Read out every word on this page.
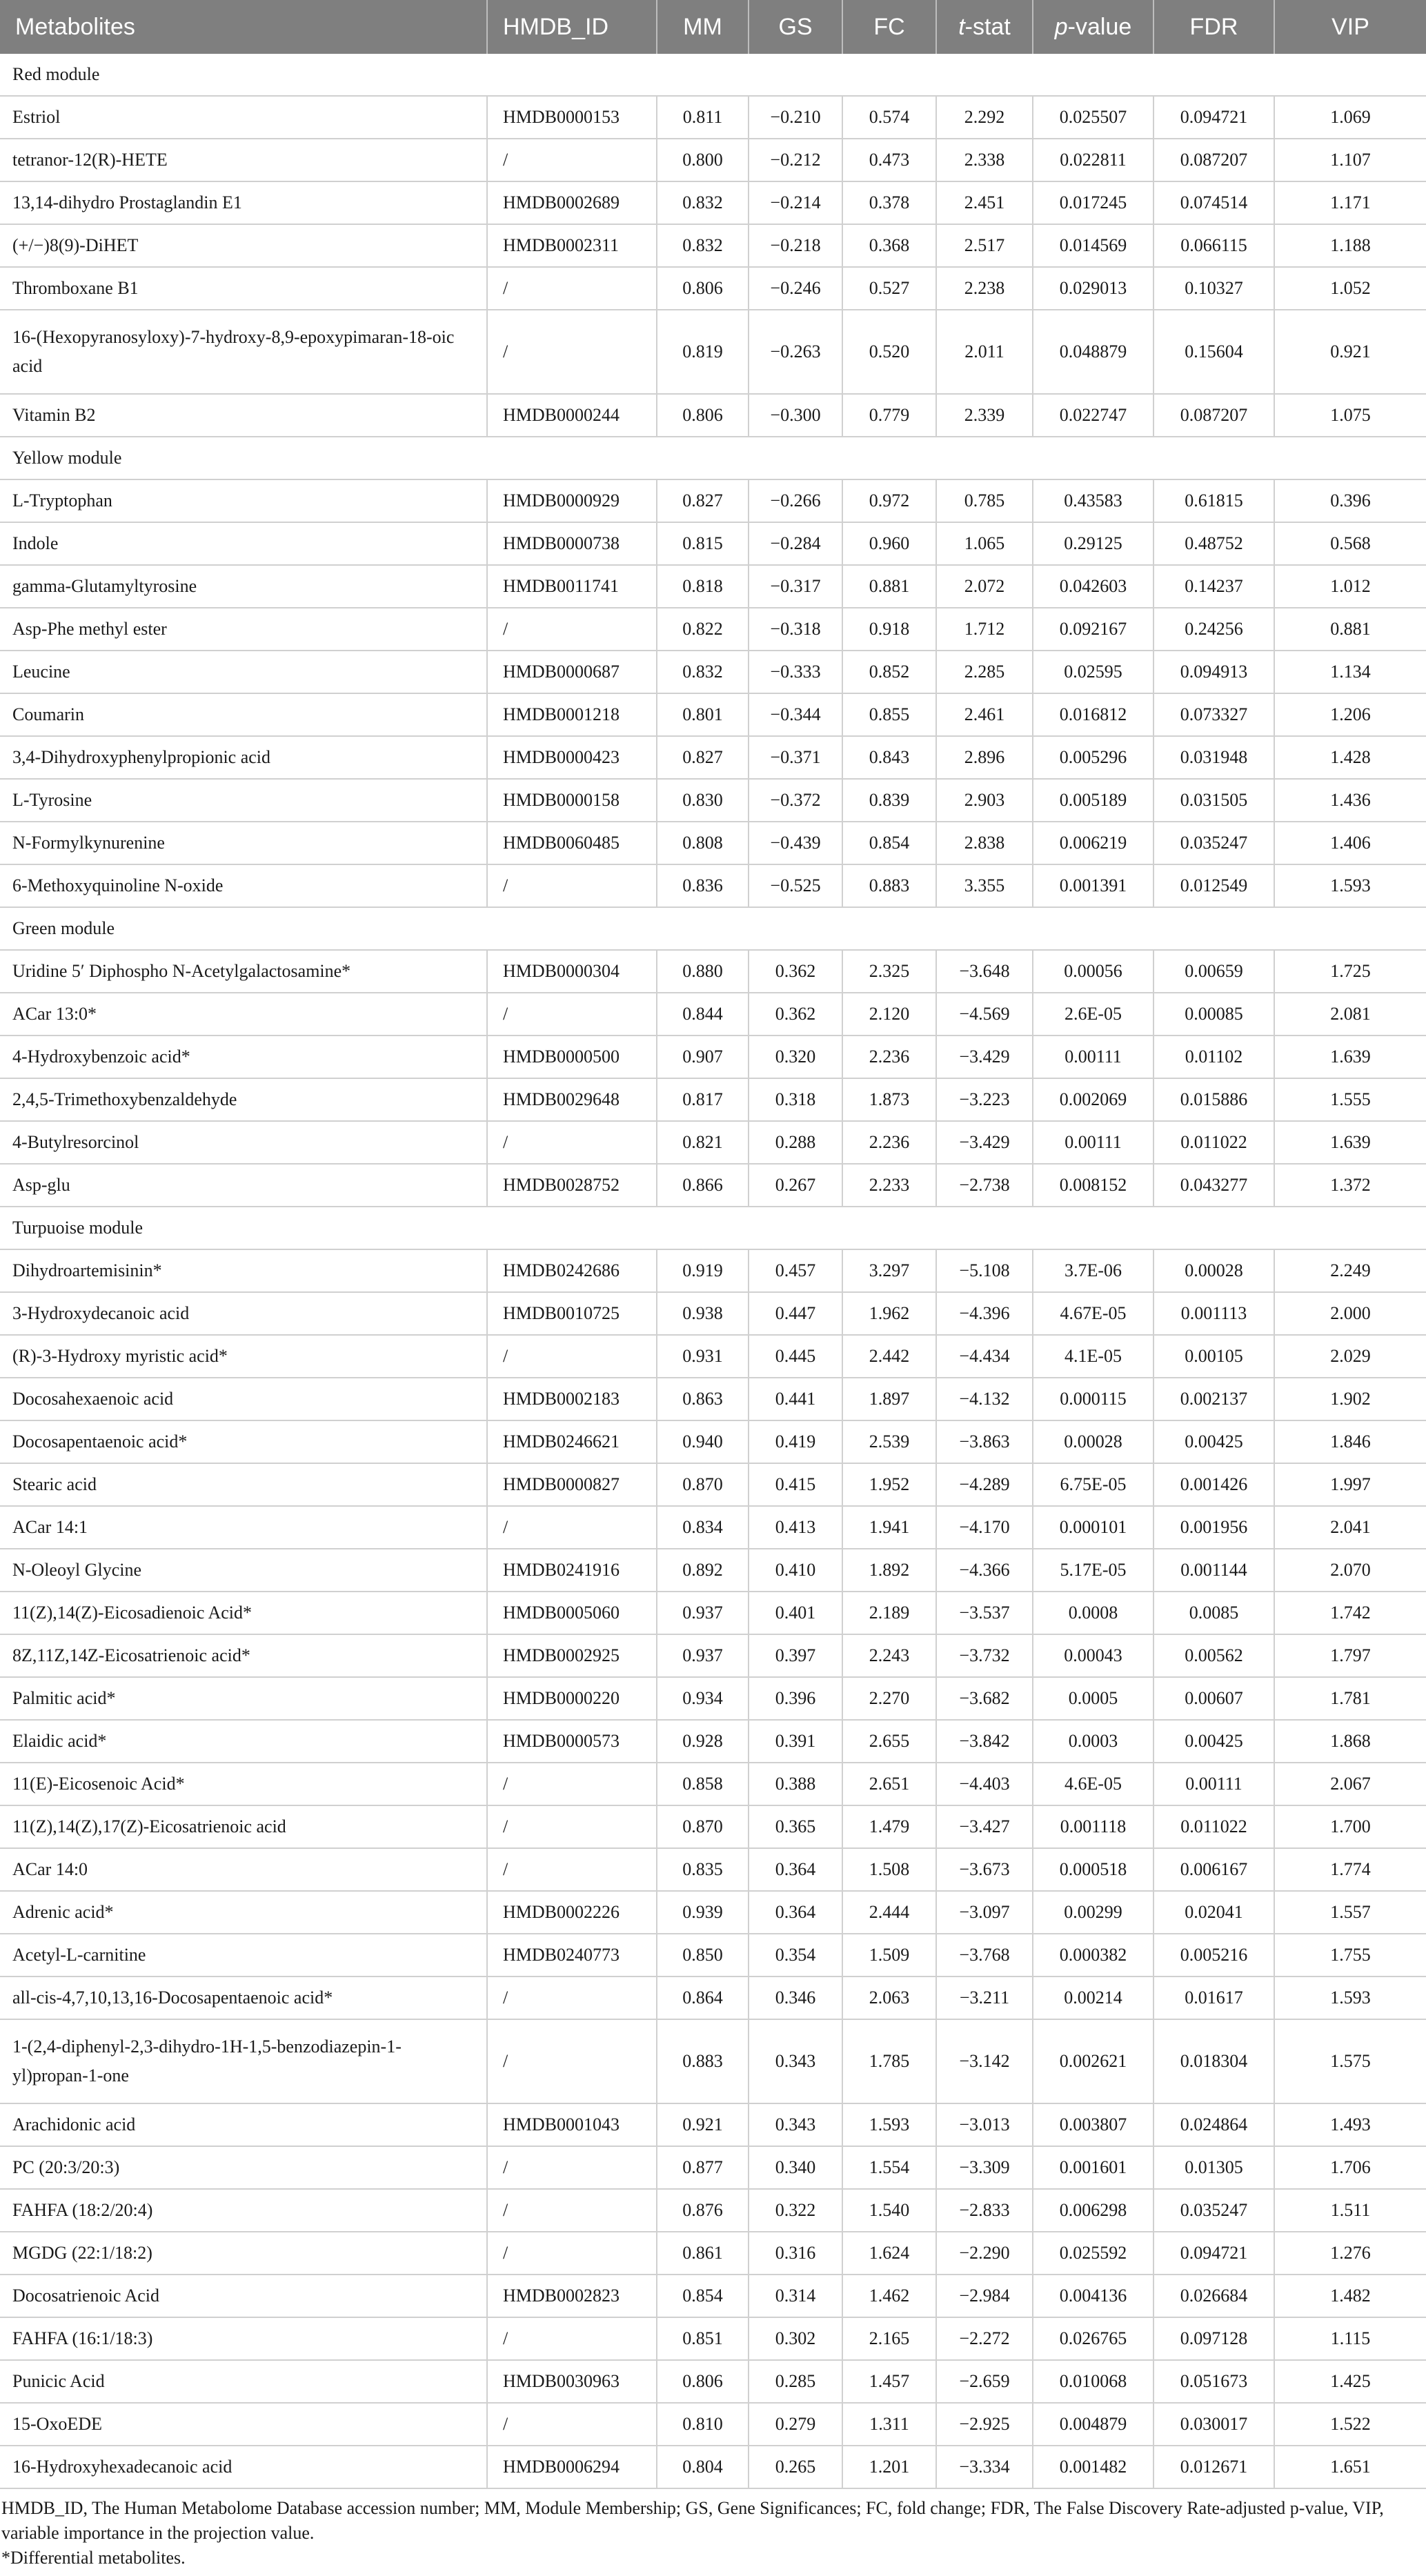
Metabolites	HMDB_ID	MM	GS	FC	t-stat	p-value	FDR	VIP
Red module								
Estriol	HMDB0000153	0.811	−0.210	0.574	2.292	0.025507	0.094721	1.069
tetranor-12(R)-HETE	/	0.800	−0.212	0.473	2.338	0.022811	0.087207	1.107
13,14-dihydro Prostaglandin E1	HMDB0002689	0.832	−0.214	0.378	2.451	0.017245	0.074514	1.171
(+/−)8(9)-DiHET	HMDB0002311	0.832	−0.218	0.368	2.517	0.014569	0.066115	1.188
Thromboxane B1	/	0.806	−0.246	0.527	2.238	0.029013	0.10327	1.052
16-(Hexopyranosyloxy)-7-hydroxy-8,9-epoxypimaran-18-oic acid	/	0.819	−0.263	0.520	2.011	0.048879	0.15604	0.921
Vitamin B2	HMDB0000244	0.806	−0.300	0.779	2.339	0.022747	0.087207	1.075
Yellow module								
L-Tryptophan	HMDB0000929	0.827	−0.266	0.972	0.785	0.43583	0.61815	0.396
Indole	HMDB0000738	0.815	−0.284	0.960	1.065	0.29125	0.48752	0.568
gamma-Glutamyltyrosine	HMDB0011741	0.818	−0.317	0.881	2.072	0.042603	0.14237	1.012
Asp-Phe methyl ester	/	0.822	−0.318	0.918	1.712	0.092167	0.24256	0.881
Leucine	HMDB0000687	0.832	−0.333	0.852	2.285	0.02595	0.094913	1.134
Coumarin	HMDB0001218	0.801	−0.344	0.855	2.461	0.016812	0.073327	1.206
3,4-Dihydroxyphenylpropionic acid	HMDB0000423	0.827	−0.371	0.843	2.896	0.005296	0.031948	1.428
L-Tyrosine	HMDB0000158	0.830	−0.372	0.839	2.903	0.005189	0.031505	1.436
N-Formylkynurenine	HMDB0060485	0.808	−0.439	0.854	2.838	0.006219	0.035247	1.406
6-Methoxyquinoline N-oxide	/	0.836	−0.525	0.883	3.355	0.001391	0.012549	1.593
Green module								
Uridine 5′ Diphospho N-Acetylgalactosamine*	HMDB0000304	0.880	0.362	2.325	−3.648	0.00056	0.00659	1.725
ACar 13:0*	/	0.844	0.362	2.120	−4.569	2.6E-05	0.00085	2.081
4-Hydroxybenzoic acid*	HMDB0000500	0.907	0.320	2.236	−3.429	0.00111	0.01102	1.639
2,4,5-Trimethoxybenzaldehyde	HMDB0029648	0.817	0.318	1.873	−3.223	0.002069	0.015886	1.555
4-Butylresorcinol	/	0.821	0.288	2.236	−3.429	0.00111	0.011022	1.639
Asp-glu	HMDB0028752	0.866	0.267	2.233	−2.738	0.008152	0.043277	1.372
Turpuoise module								
Dihydroartemisinin*	HMDB0242686	0.919	0.457	3.297	−5.108	3.7E-06	0.00028	2.249
3-Hydroxydecanoic acid	HMDB0010725	0.938	0.447	1.962	−4.396	4.67E-05	0.001113	2.000
(R)-3-Hydroxy myristic acid*	/	0.931	0.445	2.442	−4.434	4.1E-05	0.00105	2.029
Docosahexaenoic acid	HMDB0002183	0.863	0.441	1.897	−4.132	0.000115	0.002137	1.902
Docosapentaenoic acid*	HMDB0246621	0.940	0.419	2.539	−3.863	0.00028	0.00425	1.846
Stearic acid	HMDB0000827	0.870	0.415	1.952	−4.289	6.75E-05	0.001426	1.997
ACar 14:1	/	0.834	0.413	1.941	−4.170	0.000101	0.001956	2.041
N-Oleoyl Glycine	HMDB0241916	0.892	0.410	1.892	−4.366	5.17E-05	0.001144	2.070
11(Z),14(Z)-Eicosadienoic Acid*	HMDB0005060	0.937	0.401	2.189	−3.537	0.0008	0.0085	1.742
8Z,11Z,14Z-Eicosatrienoic acid*	HMDB0002925	0.937	0.397	2.243	−3.732	0.00043	0.00562	1.797
Palmitic acid*	HMDB0000220	0.934	0.396	2.270	−3.682	0.0005	0.00607	1.781
Elaidic acid*	HMDB0000573	0.928	0.391	2.655	−3.842	0.0003	0.00425	1.868
11(E)-Eicosenoic Acid*	/	0.858	0.388	2.651	−4.403	4.6E-05	0.00111	2.067
11(Z),14(Z),17(Z)-Eicosatrienoic acid	/	0.870	0.365	1.479	−3.427	0.001118	0.011022	1.700
ACar 14:0	/	0.835	0.364	1.508	−3.673	0.000518	0.006167	1.774
Adrenic acid*	HMDB0002226	0.939	0.364	2.444	−3.097	0.00299	0.02041	1.557
Acetyl-L-carnitine	HMDB0240773	0.850	0.354	1.509	−3.768	0.000382	0.005216	1.755
all-cis-4,7,10,13,16-Docosapentaenoic acid*	/	0.864	0.346	2.063	−3.211	0.00214	0.01617	1.593
1-(2,4-diphenyl-2,3-dihydro-1H-1,5-benzodiazepin-1-yl)propan-1-one	/	0.883	0.343	1.785	−3.142	0.002621	0.018304	1.575
Arachidonic acid	HMDB0001043	0.921	0.343	1.593	−3.013	0.003807	0.024864	1.493
PC (20:3/20:3)	/	0.877	0.340	1.554	−3.309	0.001601	0.01305	1.706
FAHFA (18:2/20:4)	/	0.876	0.322	1.540	−2.833	0.006298	0.035247	1.511
MGDG (22:1/18:2)	/	0.861	0.316	1.624	−2.290	0.025592	0.094721	1.276
Docosatrienoic Acid	HMDB0002823	0.854	0.314	1.462	−2.984	0.004136	0.026684	1.482
FAHFA (16:1/18:3)	/	0.851	0.302	2.165	−2.272	0.026765	0.097128	1.115
Punicic Acid	HMDB0030963	0.806	0.285	1.457	−2.659	0.010068	0.051673	1.425
15-OxoEDE	/	0.810	0.279	1.311	−2.925	0.004879	0.030017	1.522
16-Hydroxyhexadecanoic acid	HMDB0006294	0.804	0.265	1.201	−3.334	0.001482	0.012671	1.651
HMDB_ID, The Human Metabolome Database accession number; MM, Module Membership; GS, Gene Significances; FC, fold change; FDR, The False Discovery Rate-adjusted p-value, VIP, variable importance in the projection value.
*Differential metabolites.
